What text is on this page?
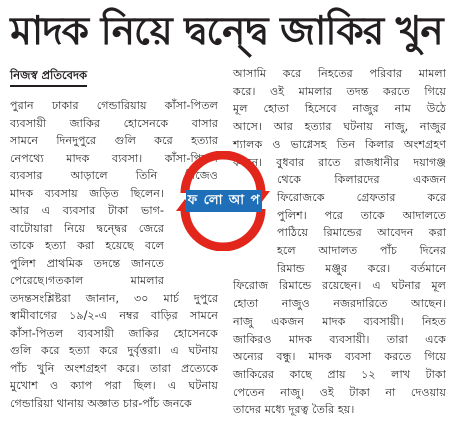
মাদক নিয়ে দ্বন্দ্বে জাকির খুন
নিজস্ব প্রতিবেদক
পুরান ঢাকার গেন্ডারিয়ায় কাঁসা-পিতল
ব্যবসায়ী জাকির হোসেনকে বাসার
সামনে দিনদুপুরে গুলি করে হত্যার
নেপথ্যে মাদক ব্যবসা। কাঁসা-পিতল
ব্যবসার আড়ালে তিনি নিজেও
মাদক ব্যবসায় জড়িত ছিলেন।
আর এ ব্যবসার টাকা ভাগ-
বাটোয়ারা নিয়ে দ্বন্দ্বের জেরে
তাকে হত্যা করা হয়েছে বলে
পুলিশ প্রাথমিক তদন্তে জানতে
পেরেছে।গতকাল মামলার
তদন্তসংশ্লিষ্টরা জানান, ৩০ মার্চ দুপুরে
স্বামীবাগের ১৯/২-এ নম্বর বাড়ির সামনে
কাঁসা-পিতল ব্যবসায়ী জাকির হোসেনকে
গুলি করে হত্যা করে দুর্বৃত্তরা। এ ঘটনায়
পাঁচ খুনি অংশগ্রহণ করে। তারা প্রত্যেকে
মুখোশ ও ক্যাপ পরা ছিল। এ ঘটনায়
গেন্ডারিয়া থানায় অজ্ঞাত চার-পাঁচ জনকে
আসামি করে নিহতের পরিবার মামলা
করে। ওই মামলার তদন্ত করতে গিয়ে
মূল হোতা হিসেবে নাজুর নাম উঠে
আসে। আর হত্যার ঘটনায় নাজু, নাজুর
শ্যালক ও ভাগ্নেসহ তিন কিলার অংশগ্রহণ
করেন। বুধবার রাতে রাজধানীর দয়াগঞ্জ
থেকে কিলারদের একজন
ফিরোজকে গ্রেফতার করে
পুলিশ। পরে তাকে আদালতে
পাঠিয়ে রিমান্ডের আবেদন করা
হলে আদালত পাঁচ দিনের
রিমান্ড মঞ্জুর করে। বর্তমানে
ফিরোজ রিমান্ডে রয়েছেন। এ ঘটনার মূল
হোতা নাজুও নজরদারিতে আছেন।
নাজু একজন মাদক ব্যবসায়ী। নিহত
জাকিরও মাদক ব্যবসায়ী। তারা একে
অন্যের বন্ধু। মাদক ব্যবসা করতে গিয়ে
জাকিরের কাছে প্রায় ১২ লাখ টাকা
পেতেন নাজু। ওই টাকা না দেওয়ায়
তাদের মধ্যে দূরত্ব তৈরি হয়।
ফ লো আ প
